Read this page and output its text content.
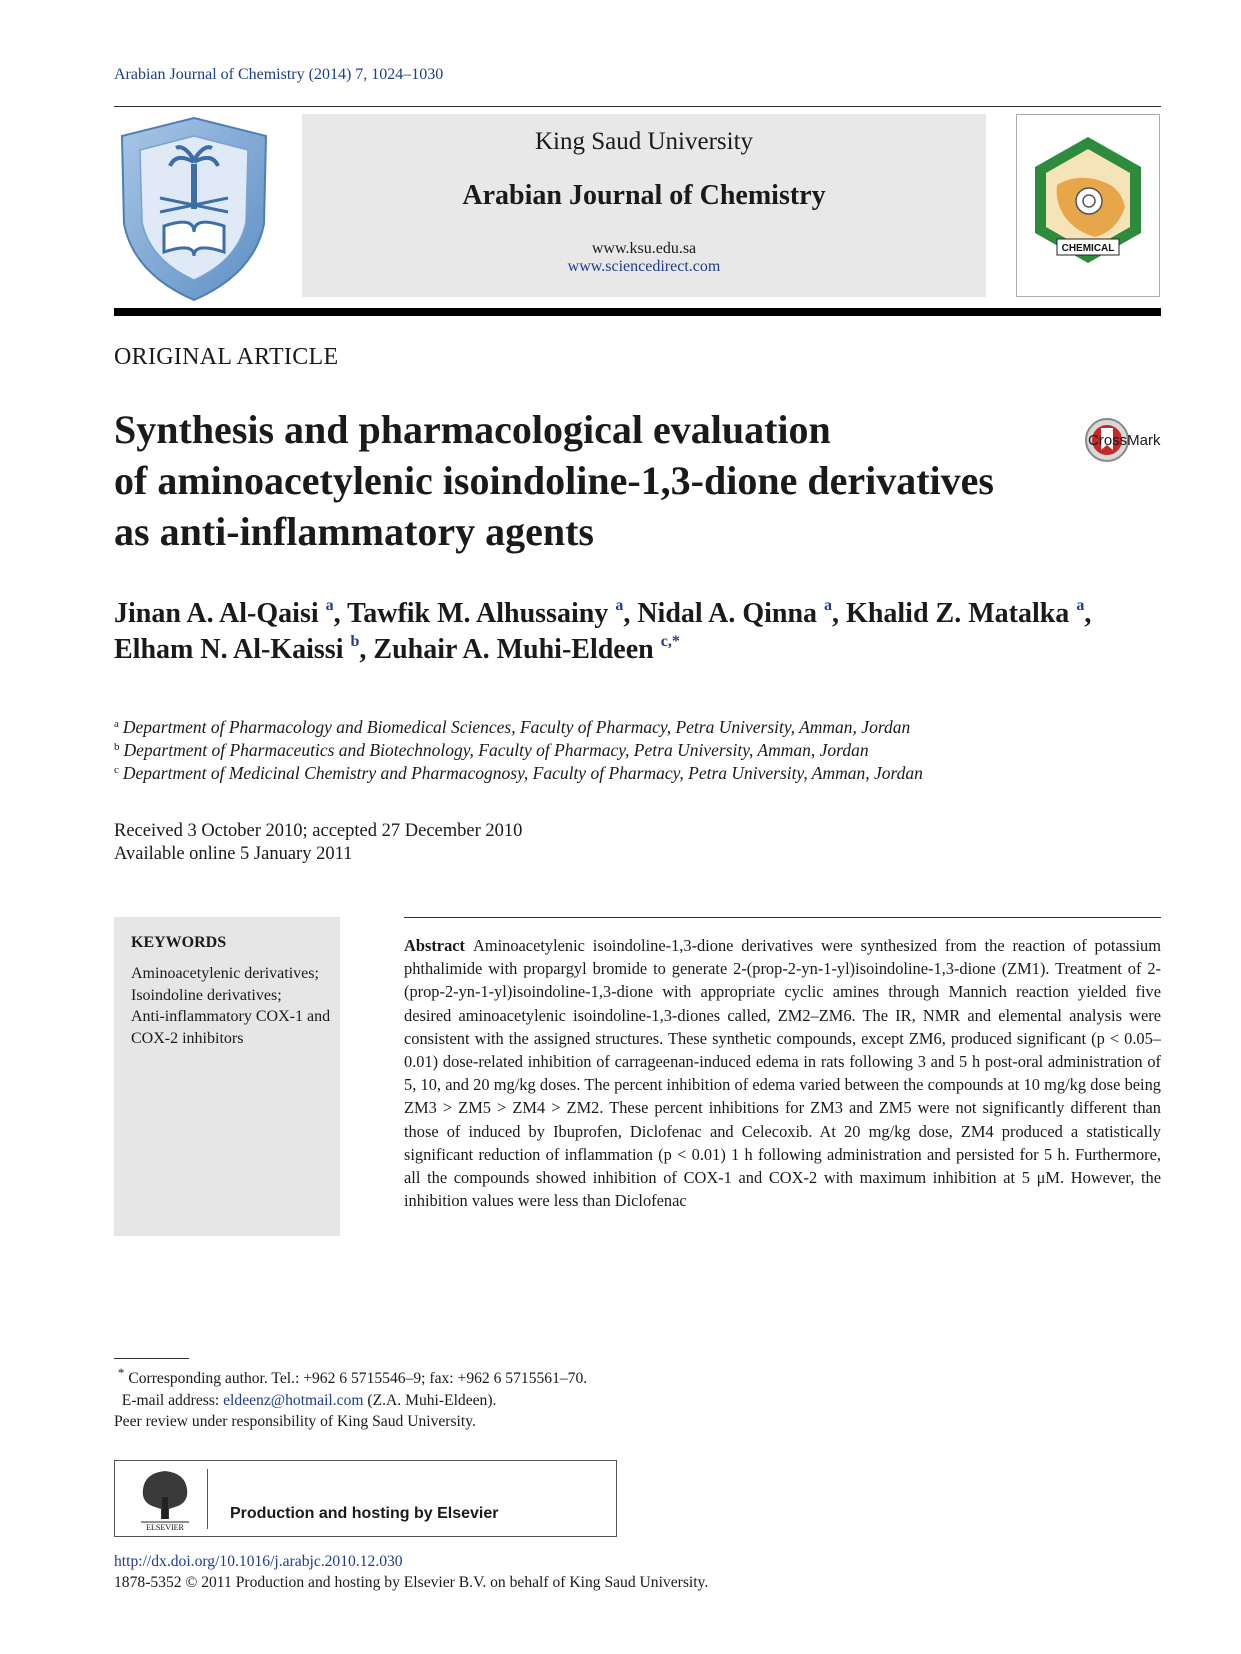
Arabian Journal of Chemistry (2014) 7, 1024–1030
King Saud University
Arabian Journal of Chemistry
www.ksu.edu.sa
www.sciencedirect.com
CHEMICAL
ORIGINAL ARTICLE
Synthesis and pharmacological evaluation
of aminoacetylenic isoindoline-1,3-dione derivatives
as anti-inflammatory agents
CrossMark
Jinan A. Al-Qaisi $^a$, Tawfik M. Alhussainy $^a$, Nidal A. Qinna $^a$, Khalid Z. Matalka $^a$,
Elham N. Al-Kaissi $^b$, Zuhair A. Muhi-Eldeen $^{c,*}$
$^a$ Department of Pharmacology and Biomedical Sciences, Faculty of Pharmacy, Petra University, Amman, Jordan
$^b$ Department of Pharmaceutics and Biotechnology, Faculty of Pharmacy, Petra University, Amman, Jordan
$^c$ Department of Medicinal Chemistry and Pharmacognosy, Faculty of Pharmacy, Petra University, Amman, Jordan
Received 3 October 2010; accepted 27 December 2010
Available online 5 January 2011
KEYWORDS
Aminoacetylenic derivatives;
Isoindoline derivatives;
Anti-inflammatory COX-1 and COX-2 inhibitors
Abstract Aminoacetylenic isoindoline-1,3-dione derivatives were synthesized from the reaction of potassium phthalimide with propargyl bromide to generate 2-(prop-2-yn-1-yl)isoindoline-1,3-dione (ZM1). Treatment of 2-(prop-2-yn-1-yl)isoindoline-1,3-dione with appropriate cyclic amines through Mannich reaction yielded five desired aminoacetylenic isoindoline-1,3-diones called, ZM2–ZM6. The IR, NMR and elemental analysis were consistent with the assigned structures. These synthetic compounds, except ZM6, produced significant (p < 0.05–0.01) dose-related inhibition of carrageenan-induced edema in rats following 3 and 5 h post-oral administration of 5, 10, and 20 mg/kg doses. The percent inhibition of edema varied between the compounds at 10 mg/kg dose being ZM3 > ZM5 > ZM4 > ZM2. These percent inhibitions for ZM3 and ZM5 were not significantly different than those of induced by Ibuprofen, Diclofenac and Celecoxib. At 20 mg/kg dose, ZM4 produced a statistically significant reduction of inflammation (p < 0.01) 1 h following administration and persisted for 5 h. Furthermore, all the compounds showed inhibition of COX-1 and COX-2 with maximum inhibition at 5 μM. However, the inhibition values were less than Diclofenac
* Corresponding author. Tel.: +962 6 5715546–9; fax: +962 6 5715561–70.
E-mail address: eldeenz@hotmail.com (Z.A. Muhi-Eldeen).
Peer review under responsibility of King Saud University.
ELSEVIER
Production and hosting by Elsevier
http://dx.doi.org/10.1016/j.arabjc.2010.12.030
1878-5352 © 2011 Production and hosting by Elsevier B.V. on behalf of King Saud University.
